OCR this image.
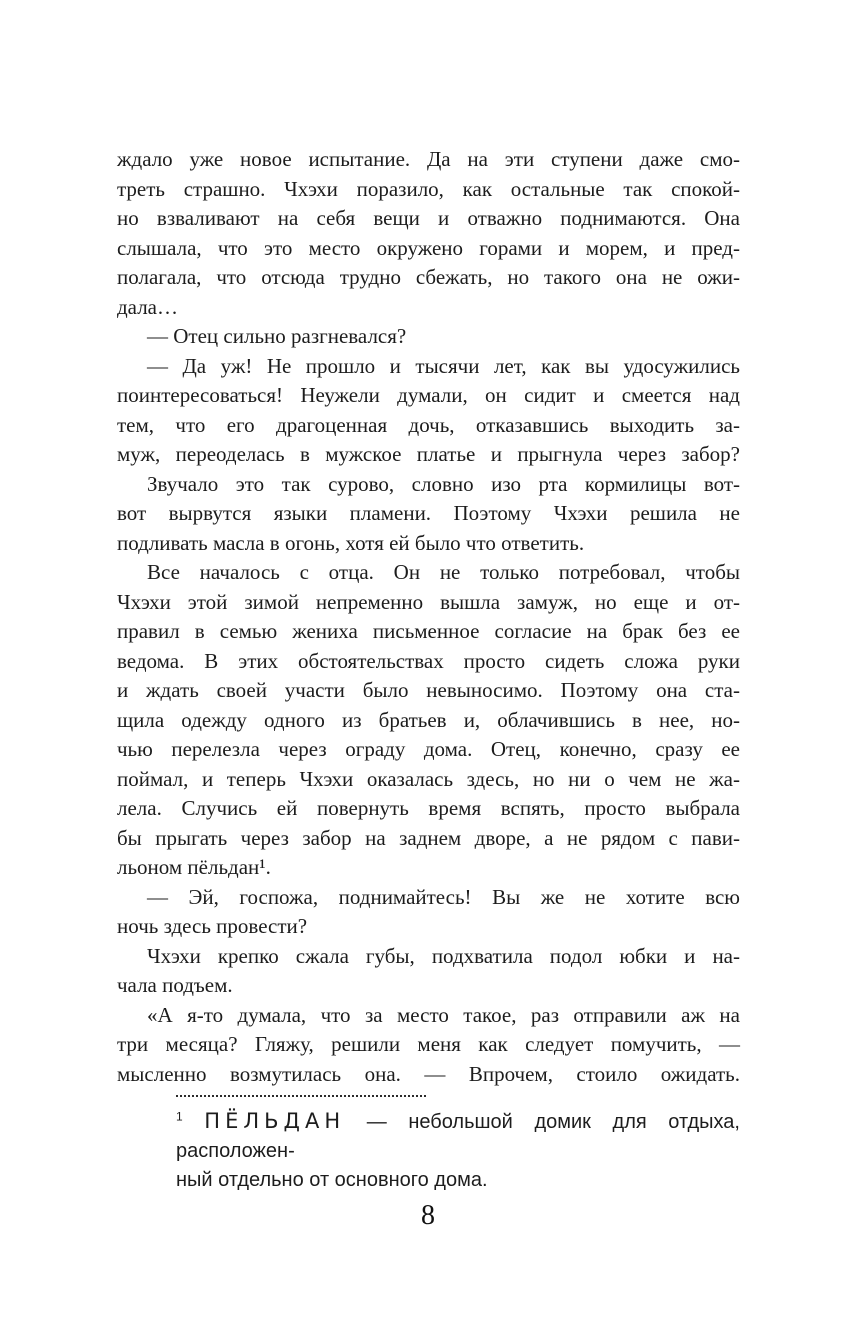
ждало уже новое испытание. Да на эти ступени даже смо-
треть страшно. Чхэхи поразило, как остальные так спокой-
но взваливают на себя вещи и отважно поднимаются. Она
слышала, что это место окружено горами и морем, и пред-
полагала, что отсюда трудно сбежать, но такого она не ожи-
дала…
— Отец сильно разгневался?
— Да уж! Не прошло и тысячи лет, как вы удосужились
поинтересоваться! Неужели думали, он сидит и смеется над
тем, что его драгоценная дочь, отказавшись выходить за-
муж, переоделась в мужское платье и прыгнула через забор?
Звучало это так сурово, словно изо рта кормилицы вот-
вот вырвутся языки пламени. Поэтому Чхэхи решила не
подливать масла в огонь, хотя ей было что ответить.
Все началось с отца. Он не только потребовал, чтобы
Чхэхи этой зимой непременно вышла замуж, но еще и от-
правил в семью жениха письменное согласие на брак без ее
ведома. В этих обстоятельствах просто сидеть сложа руки
и ждать своей участи было невыносимо. Поэтому она ста-
щила одежду одного из братьев и, облачившись в нее, но-
чью перелезла через ограду дома. Отец, конечно, сразу ее
поймал, и теперь Чхэхи оказалась здесь, но ни о чем не жа-
лела. Случись ей повернуть время вспять, просто выбрала
бы прыгать через забор на заднем дворе, а не рядом с пави-
льоном пёльдан¹.
— Эй, госпожа, поднимайтесь! Вы же не хотите всю
ночь здесь провести?
Чхэхи крепко сжала губы, подхватила подол юбки и на-
чала подъем.
«А я-то думала, что за место такое, раз отправили аж на
три месяца? Гляжу, решили меня как следует помучить, —
мысленно возмутилась она. — Впрочем, стоило ожидать.
$^1$ ПЁЛЬДАН — небольшой домик для отдыха, расположен-
ный отдельно от основного дома.
8
